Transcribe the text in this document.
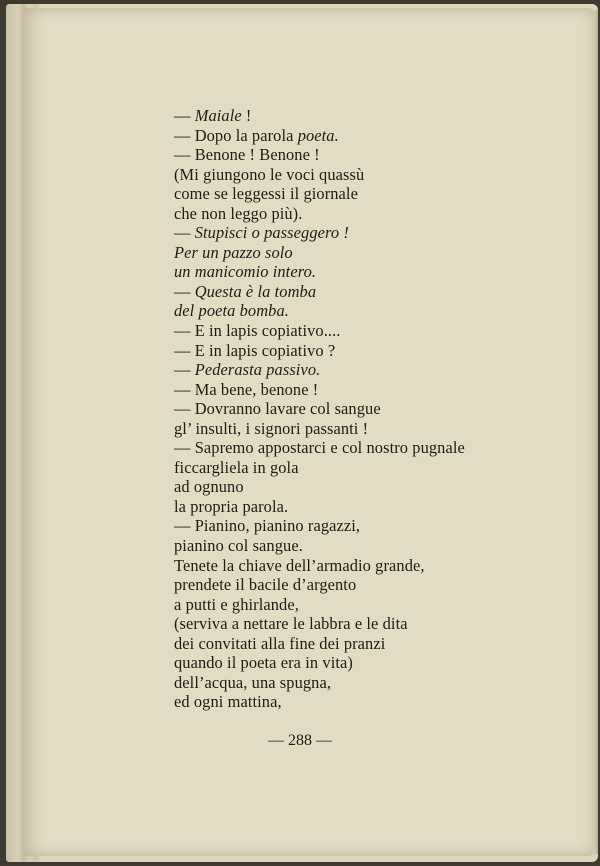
— Maiale !
— Dopo la parola poeta.
— Benone ! Benone !
(Mi giungono le voci quassù
come se leggessi il giornale
che non leggo più).
— Stupisci o passeggero !
Per un pazzo solo
un manicomio intero.
— Questa è la tomba
del poeta bomba.
— E in lapis copiativo....
— E in lapis copiativo ?
— Pederasta passivo.
— Ma bene, benone !
— Dovranno lavare col sangue
gl’ insulti, i signori passanti !
— Sapremo appostarci e col nostro pugnale
ficcargliela in gola
ad ognuno
la propria parola.
— Pianino, pianino ragazzi,
pianino col sangue.
Tenete la chiave dell’armadio grande,
prendete il bacile d’argento
a putti e ghirlande,
(serviva a nettare le labbra e le dita
dei convitati alla fine dei pranzi
quando il poeta era in vita)
dell’acqua, una spugna,
ed ogni mattina,
— 288 —
